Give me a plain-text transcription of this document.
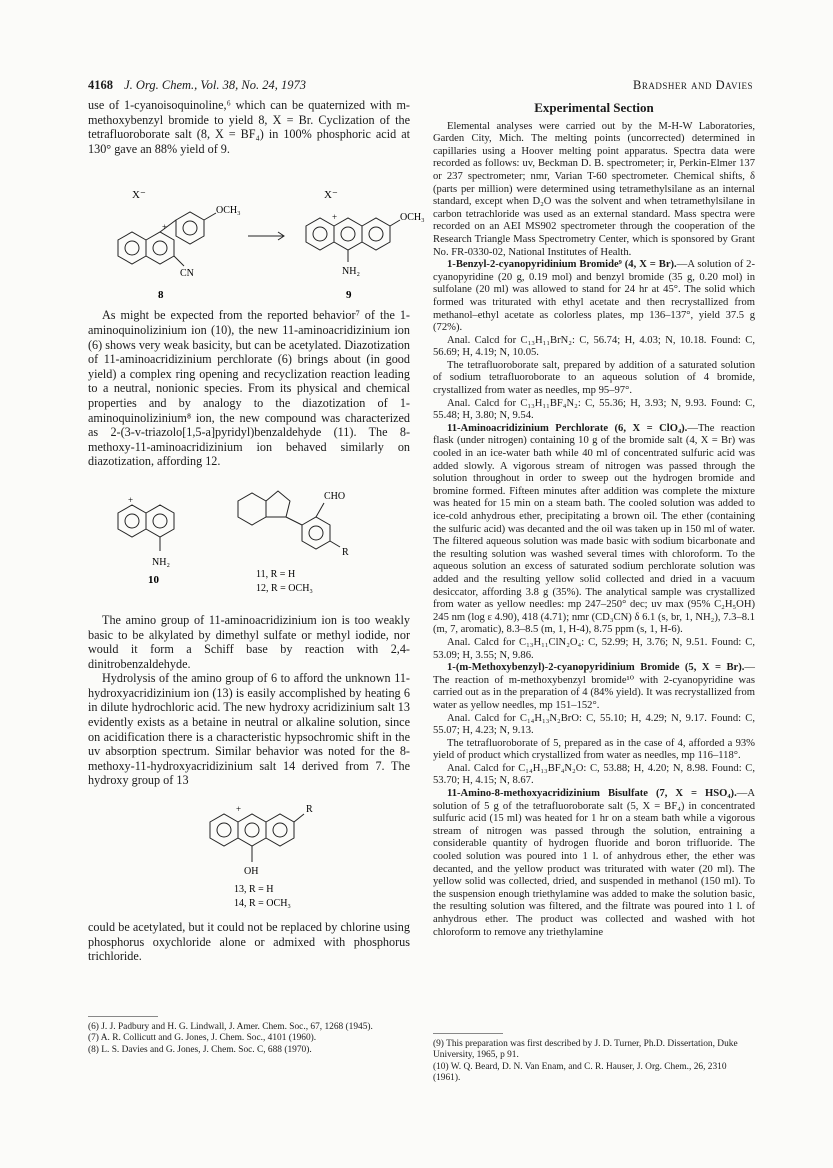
4168 J. Org. Chem., Vol. 38, No. 24, 1973	Bradsher and Davies

use of 1-cyanoisoquinoline,⁶ which can be quaternized with m-methoxybenzyl bromide to yield 8, X = Br. Cyclization of the tetrafluoroborate salt (8, X = BF₄) in 100% phosphoric acid at 130° gave an 88% yield of 9.

X⁻
+
OCH₃
CN
8
X⁻
+	OCH₃
NH₂
9

As might be expected from the reported behavior⁷ of the 1-aminoquinolizinium ion (10), the new 11-aminoacridizinium ion (6) shows very weak basicity, but can be acetylated. Diazotization of 11-aminoacridizinium perchlorate (6) brings about (in good yield) a complex ring opening and recyclization reaction leading to a neutral, nonionic species. From its physical and chemical properties and by analogy to the diazotization of 1-aminoquinolizinium⁸ ion, the new compound was characterized as 2-(3-v-triazolo[1,5-a]pyridyl)benzaldehyde (11). The 8-methoxy-11-aminoacridizinium ion behaved similarly on diazotization, affording 12.

+
NH₂
CHO
R
10	11, R = H
12, R = OCH₃

The amino group of 11-aminoacridizinium ion is too weakly basic to be alkylated by dimethyl sulfate or methyl iodide, nor would it form a Schiff base by reaction with 2,4-dinitrobenzaldehyde.

Hydrolysis of the amino group of 6 to afford the unknown 11-hydroxyacridizinium ion (13) is easily accomplished by heating 6 in dilute hydrochloric acid. The new hydroxy acridizinium salt 13 evidently exists as a betaine in neutral or alkaline solution, since on acidification there is a characteristic hypsochromic shift in the uv absorption spectrum. Similar behavior was noted for the 8-methoxy-11-hydroxyacridizinium salt 14 derived from 7. The hydroxy group of 13

+	R
OH
13, R = H
14, R = OCH₃

could be acetylated, but it could not be replaced by chlorine using phosphorus oxychloride alone or admixed with phosphorus trichloride.

(6) J. J. Padbury and H. G. Lindwall, J. Amer. Chem. Soc., 67, 1268 (1945).

(7) A. R. Collicutt and G. Jones, J. Chem. Soc., 4101 (1960).

(8) L. S. Davies and G. Jones, J. Chem. Soc. C, 688 (1970).

Experimental Section

Elemental analyses were carried out by the M-H-W Laboratories, Garden City, Mich. The melting points (uncorrected) determined in capillaries using a Hoover melting point apparatus. Spectra data were recorded as follows: uv, Beckman D. B. spectrometer; ir, Perkin-Elmer 137 or 237 spectrometer; nmr, Varian T-60 spectrometer. Chemical shifts, δ (parts per million) were determined using tetramethylsilane as an internal standard, except when D₂O was the solvent and when tetramethylsilane in carbon tetrachloride was used as an external standard. Mass spectra were recorded on an AEI MS902 spectrometer through the cooperation of the Research Triangle Mass Spectrometry Center, which is sponsored by Grant No. FR-0330-02, National Institutes of Health.

1-Benzyl-2-cyanopyridinium Bromide⁹ (4, X = Br).—A solution of 2-cyanopyridine (20 g, 0.19 mol) and benzyl bromide (35 g, 0.20 mol) in sulfolane (20 ml) was allowed to stand for 24 hr at 45°. The solid which formed was triturated with ethyl acetate and then recrystallized from methanol–ethyl acetate as colorless plates, mp 136–137°, yield 37.5 g (72%).

Anal. Calcd for C₁₃H₁₁BrN₂: C, 56.74; H, 4.03; N, 10.18. Found: C, 56.69; H, 4.19; N, 10.05.

The tetrafluoroborate salt, prepared by addition of a saturated solution of sodium tetrafluoroborate to an aqueous solution of 4 bromide, crystallized from water as needles, mp 95–97°.

Anal. Calcd for C₁₃H₁₁BF₄N₂: C, 55.36; H, 3.93; N, 9.93. Found: C, 55.48; H, 3.80; N, 9.54.

11-Aminoacridizinium Perchlorate (6, X = ClO₄).—The reaction flask (under nitrogen) containing 10 g of the bromide salt (4, X = Br) was cooled in an ice-water bath while 40 ml of concentrated sulfuric acid was added slowly. A vigorous stream of nitrogen was passed through the solution throughout in order to sweep out the hydrogen bromide and bromine formed. Fifteen minutes after addition was complete the mixture was heated for 15 min on a steam bath. The cooled solution was added to ice-cold anhydrous ether, precipitating a brown oil. The ether (containing the sulfuric acid) was decanted and the oil was taken up in 150 ml of water. The filtered aqueous solution was made basic with sodium bicarbonate and the resulting solution was washed several times with chloroform. To the aqueous solution an excess of saturated sodium perchlorate solution was added and the resulting yellow solid collected and dried in a vacuum desiccator, affording 3.8 g (35%). The analytical sample was crystallized from water as yellow needles: mp 247–250° dec; uv max (95% C₂H₅OH) 245 nm (log ε 4.90), 418 (4.71); nmr (CD₃CN) δ 6.1 (s, br, 1, NH₂), 7.3–8.1 (m, 7, aromatic), 8.3–8.5 (m, 1, H-4), 8.75 ppm (s, 1, H-6).

Anal. Calcd for C₁₃H₁₁ClN₂O₄: C, 52.99; H, 3.76; N, 9.51. Found: C, 53.09; H, 3.55; N, 9.86.

1-(m-Methoxybenzyl)-2-cyanopyridinium Bromide (5, X = Br).—The reaction of m-methoxybenzyl bromide¹⁰ with 2-cyanopyridine was carried out as in the preparation of 4 (84% yield). It was recrystallized from water as yellow needles, mp 151–152°.

Anal. Calcd for C₁₄H₁₃N₂BrO: C, 55.10; H, 4.29; N, 9.17. Found: C, 55.07; H, 4.23; N, 9.13.

The tetrafluoroborate of 5, prepared as in the case of 4, afforded a 93% yield of product which crystallized from water as needles, mp 116–118°.

Anal. Calcd for C₁₄H₁₃BF₄N₂O: C, 53.88; H, 4.20; N, 8.98. Found: C, 53.70; H, 4.15; N, 8.67.

11-Amino-8-methoxyacridizinium Bisulfate (7, X = HSO₄).—A solution of 5 g of the tetrafluoroborate salt (5, X = BF₄) in concentrated sulfuric acid (15 ml) was heated for 1 hr on a steam bath while a vigorous stream of nitrogen was passed through the solution, entraining a considerable quantity of hydrogen fluoride and boron trifluoride. The cooled solution was poured into 1 l. of anhydrous ether, the ether was decanted, and the yellow product was triturated with water (20 ml). The yellow solid was collected, dried, and suspended in methanol (150 ml). To the suspension enough triethylamine was added to make the solution basic, the resulting solution was filtered, and the filtrate was poured into 1 l. of anhydrous ether. The product was collected and washed with hot chloroform to remove any triethylamine

(9) This preparation was first described by J. D. Turner, Ph.D. Dissertation, Duke University, 1965, p 91.

(10) W. Q. Beard, D. N. Van Enam, and C. R. Hauser, J. Org. Chem., 26, 2310 (1961).
